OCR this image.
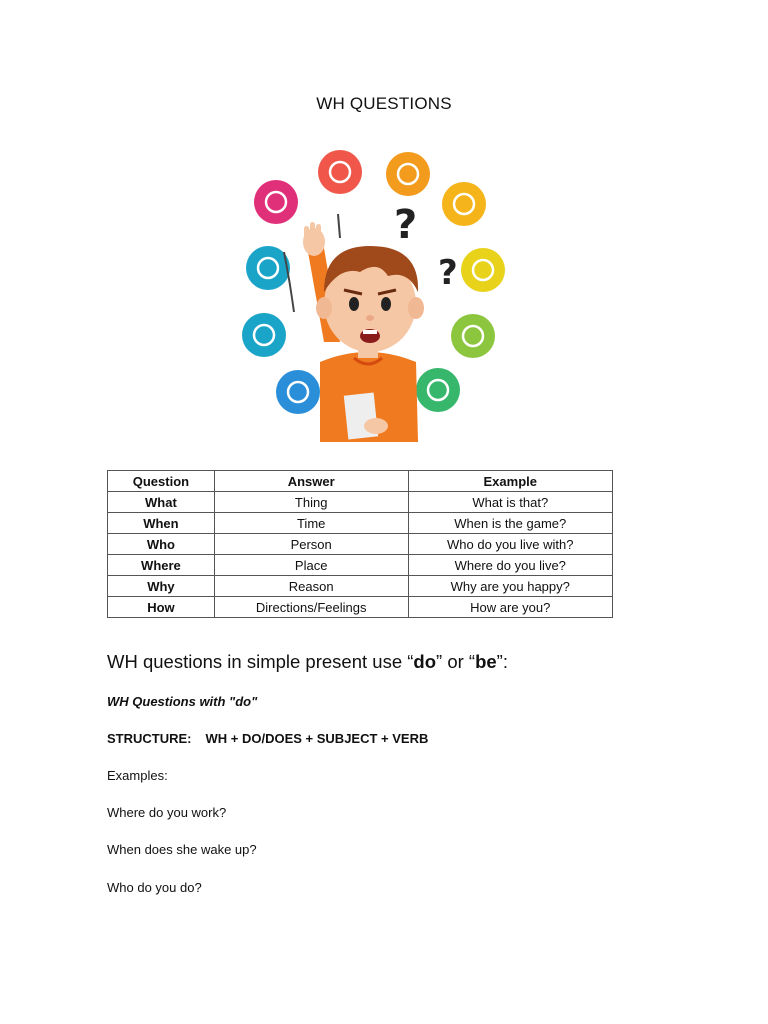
WH QUESTIONS
?
?
Question	Answer	Example
What	Thing	What is that?
When	Time	When is the game?
Who	Person	Who do you live with?
Where	Place	Where do you live?
Why	Reason	Why are you happy?
How	Directions/Feelings	How are you?
WH questions in simple present use “do” or “be”:
WH Questions with "do"
STRUCTURE: WH + DO/DOES + SUBJECT + VERB
Examples:
Where do you work?
When does she wake up?
Who do you do?
